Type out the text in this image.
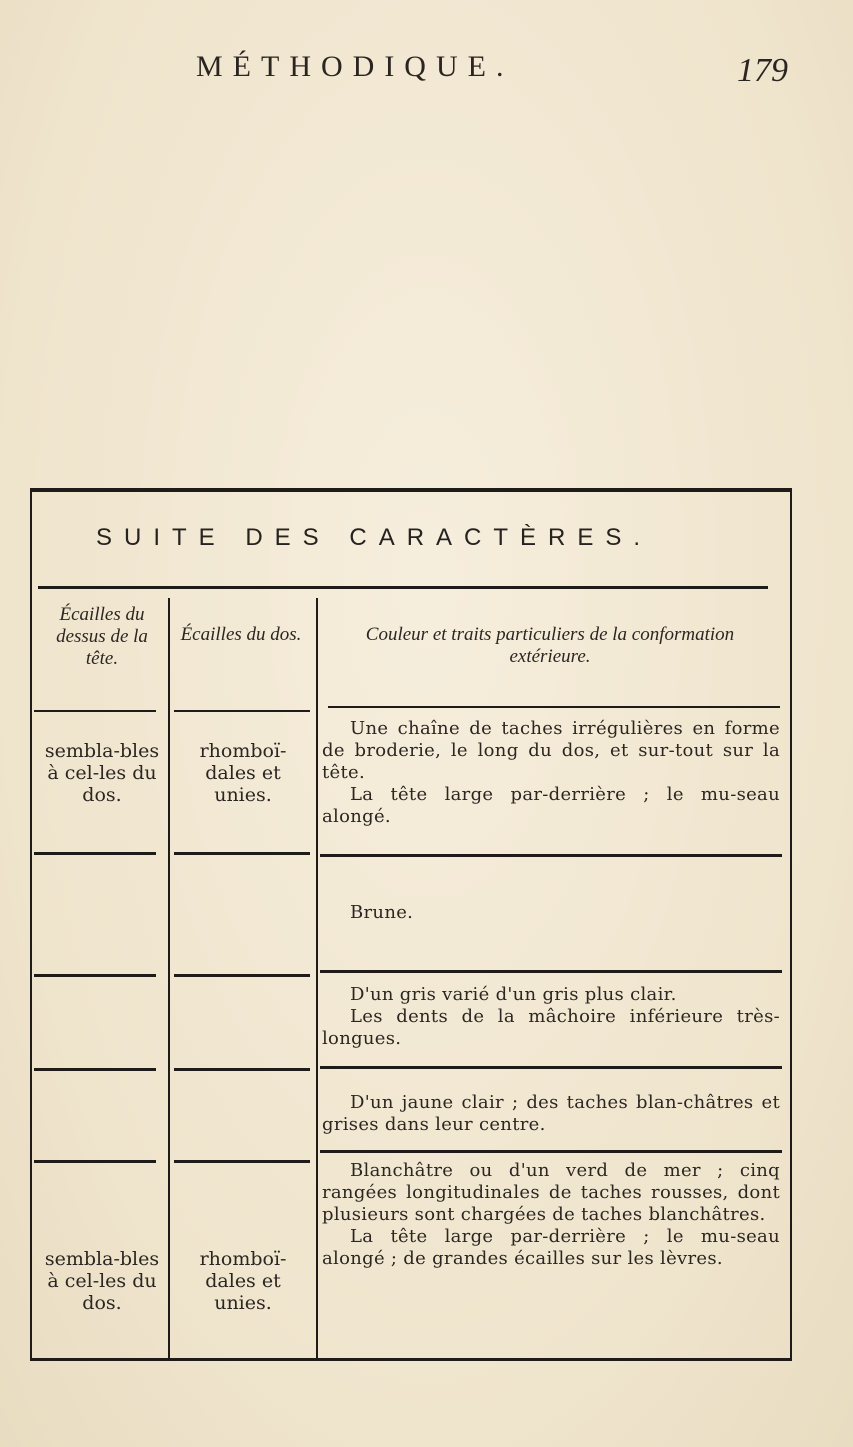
MÉTHODIQUE.	179
SUITE DES CARACTÈRES.
Écailles du dessus de la tête.
Écailles du dos.	Couleur et traits particuliers de la conformation extérieure.
sembla-bles à cel-les du dos.
rhomboï-dales et unies.

Une chaîne de taches irrégulières en forme de broderie, le long du dos, et sur-tout sur la tête.

La tête large par-derrière ; le mu-seau alongé.

Brune.

D'un gris varié d'un gris plus clair.

Les dents de la mâchoire inférieure très-longues.

D'un jaune clair ; des taches blan-châtres et grises dans leur centre.

sembla-bles à cel-les du dos.
rhomboï-dales et unies.

Blanchâtre ou d'un verd de mer ; cinq rangées longitudinales de taches rousses, dont plusieurs sont chargées de taches blanchâtres.

La tête large par-derrière ; le mu-seau alongé ; de grandes écailles sur les lèvres.
